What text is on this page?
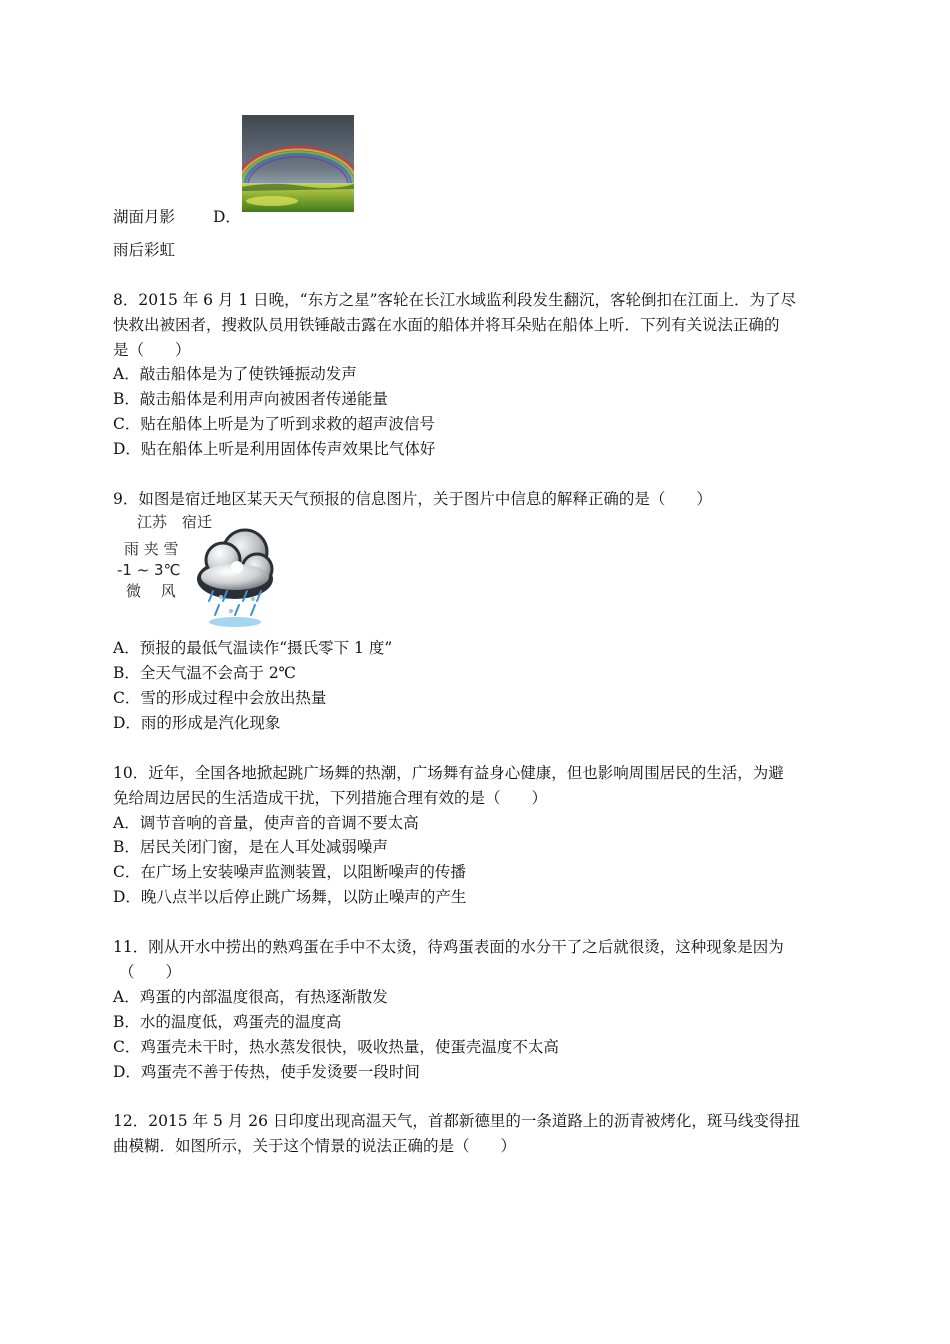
湖面月影 D．
雨后彩虹
8．2015 年 6 月 1 日晚，“东方之星”客轮在长江水域监利段发生翻沉，客轮倒扣在江面上．为了尽
快救出被困者，搜救队员用铁锤敲击露在水面的船体并将耳朵贴在船体上听．下列有关说法正确的
是（　　）
A．敲击船体是为了使铁锤振动发声
B．敲击船体是利用声向被困者传递能量
C．贴在船体上听是为了听到求救的超声波信号
D．贴在船体上听是利用固体传声效果比气体好
9．如图是宿迁地区某天天气预报的信息图片，关于图片中信息的解释正确的是（　　）
江苏　宿迁
雨 夹 雪
-1 ~ 3℃
微　 风
A．预报的最低气温读作“摄氏零下 1 度”
B．全天气温不会高于 2℃
C．雪的形成过程中会放出热量
D．雨的形成是汽化现象
10．近年，全国各地掀起跳广场舞的热潮，广场舞有益身心健康，但也影响周围居民的生活，为避
免给周边居民的生活造成干扰，下列措施合理有效的是（　　）
A．调节音响的音量，使声音的音调不要太高
B．居民关闭门窗，是在人耳处减弱噪声
C．在广场上安装噪声监测装置，以阻断噪声的传播
D．晚八点半以后停止跳广场舞，以防止噪声的产生
11．刚从开水中捞出的熟鸡蛋在手中不太烫，待鸡蛋表面的水分干了之后就很烫，这种现象是因为
（　　）
A．鸡蛋的内部温度很高，有热逐渐散发
B．水的温度低，鸡蛋壳的温度高
C．鸡蛋壳未干时，热水蒸发很快，吸收热量，使蛋壳温度不太高
D．鸡蛋壳不善于传热，使手发烫要一段时间
12．2015 年 5 月 26 日印度出现高温天气，首都新德里的一条道路上的沥青被烤化，斑马线变得扭
曲模糊．如图所示，关于这个情景的说法正确的是（　　）
